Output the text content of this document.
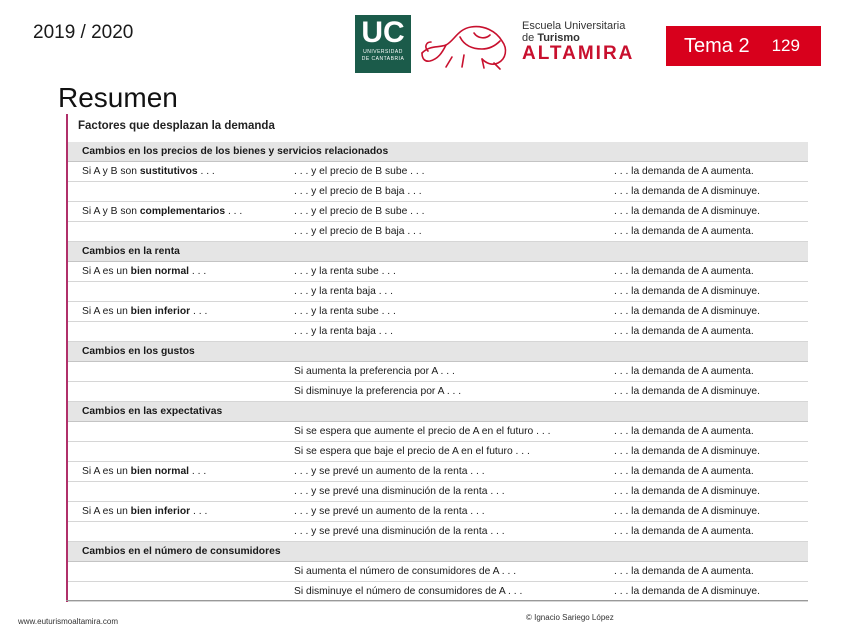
2019 / 2020	UC
UNIVERSIDAD
DE CANTABRIA
Escuela Universitaria
de Turismo
ALTAMIRA Tema 2 129
Resumen
Factores que desplazan la demanda
Cambios en los precios de los bienes y servicios relacionados
Si A y B son sustitutivos . . .	. . . y el precio de B sube . . .	. . . la demanda de A aumenta.
. . . y el precio de B baja . . .	. . . la demanda de A disminuye.
Si A y B son complementarios . . .	. . . y el precio de B sube . . .	. . . la demanda de A disminuye.
. . . y el precio de B baja . . .	. . . la demanda de A aumenta.
Cambios en la renta
Si A es un bien normal . . .	. . . y la renta sube . . .	. . . la demanda de A aumenta.
. . . y la renta baja . . .	. . . la demanda de A disminuye.
Si A es un bien inferior . . .	. . . y la renta sube . . .	. . . la demanda de A disminuye.
. . . y la renta baja . . .	. . . la demanda de A aumenta.
Cambios en los gustos
Si aumenta la preferencia por A . . .	. . . la demanda de A aumenta.
Si disminuye la preferencia por A . . .	. . . la demanda de A disminuye.
Cambios en las expectativas
Si se espera que aumente el precio de A en el futuro . . .	. . . la demanda de A aumenta.
Si se espera que baje el precio de A en el futuro . . .	. . . la demanda de A disminuye.
Si A es un bien normal . . .	. . . y se prevé un aumento de la renta . . .	. . . la demanda de A aumenta.
. . . y se prevé una disminución de la renta . . .	. . . la demanda de A disminuye.
Si A es un bien inferior . . .	. . . y se prevé un aumento de la renta . . .	. . . la demanda de A disminuye.
. . . y se prevé una disminución de la renta . . .	. . . la demanda de A aumenta.
Cambios en el número de consumidores
Si aumenta el número de consumidores de A . . .	. . . la demanda de A aumenta.
Si disminuye el número de consumidores de A . . .	. . . la demanda de A disminuye.
www.euturismoaltamira.com	© Ignacio Sariego López
